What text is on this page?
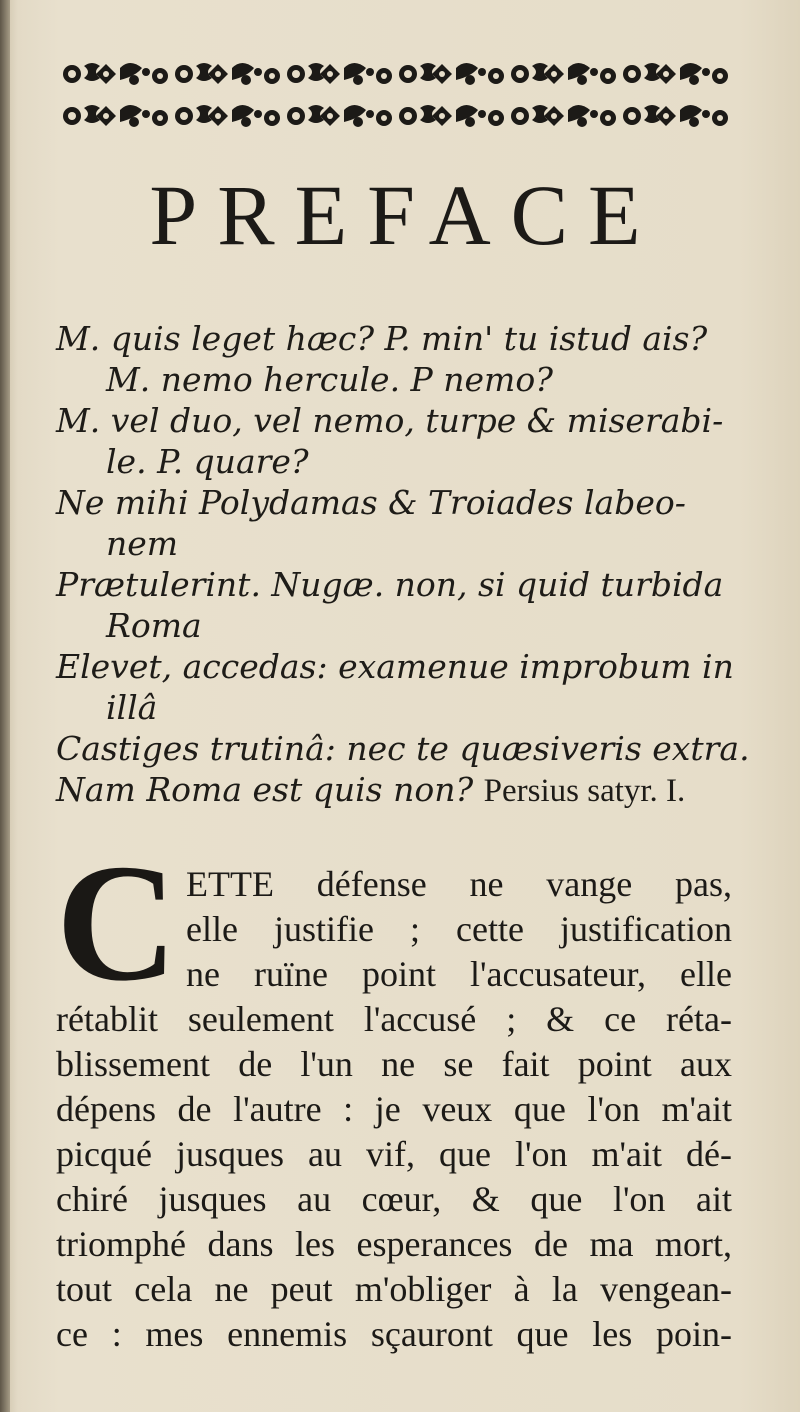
PREFACE
M. quis leget hæc? P. min' tu istud ais?
M. nemo hercule. P nemo?
M. vel duo, vel nemo, turpe & miserabi-
le. P. quare?
Ne mihi Polydamas & Troiades labeo-
nem
Prætulerint. Nugæ. non, si quid turbida
Roma
Elevet, accedas: examenue improbum in
illâ
Castiges trutinâ: nec te quæsiveris extra.
Nam Roma est quis non? Persius satyr. I.
C ETTE défense ne vange pas,
elle justifie ; cette justification
ne ruïne point l'accusateur, elle
rétablit seulement l'accusé ; & ce réta-
blissement de l'un ne se fait point aux
dépens de l'autre : je veux que l'on m'ait
picqué jusques au vif, que l'on m'ait dé-
chiré jusques au cœur, & que l'on ait
triomphé dans les esperances de ma mort,
tout cela ne peut m'obliger à la vengean-
ce : mes ennemis sçauront que les poin-
